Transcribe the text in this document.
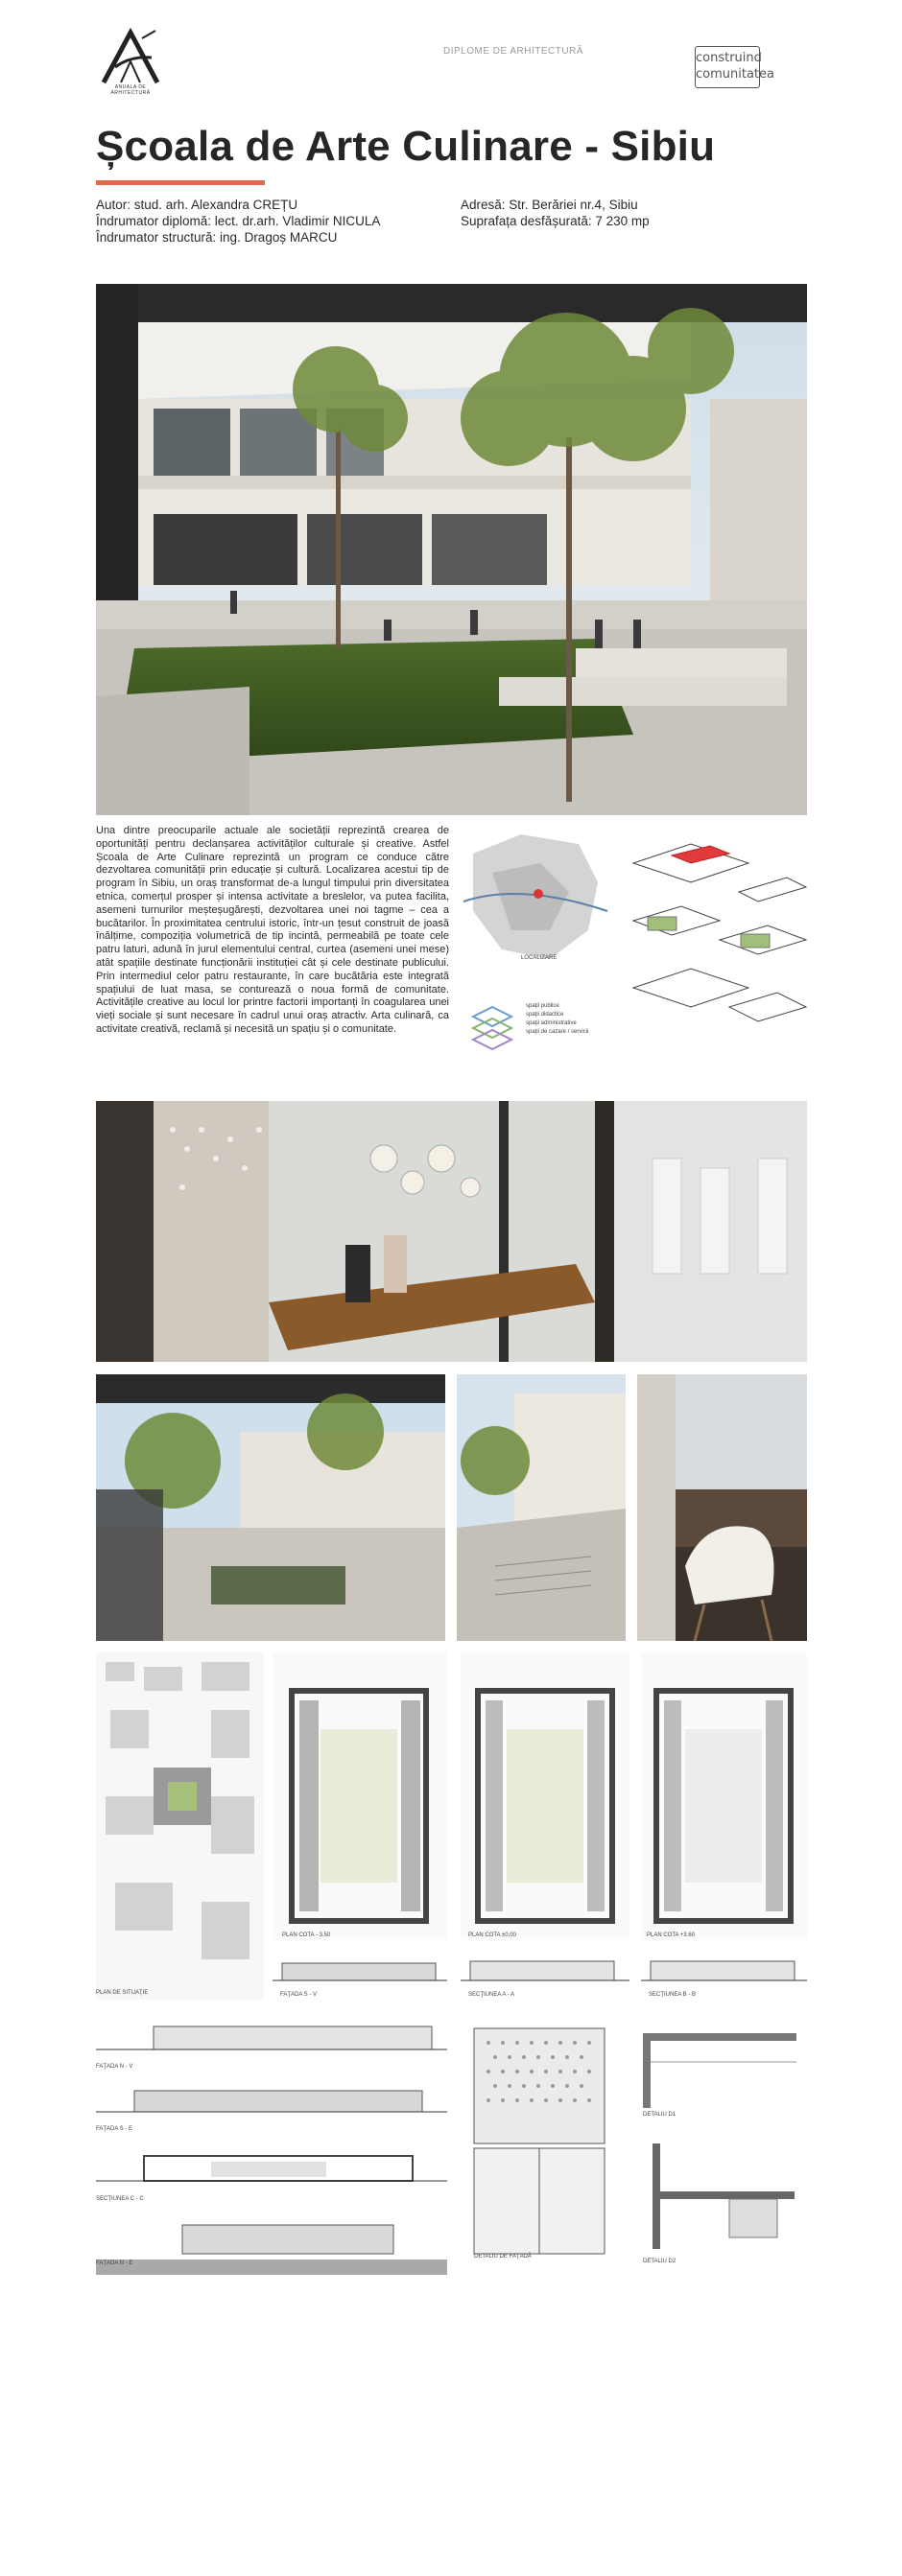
ANUALA DE ARHITECTURĂ
DIPLOME DE ARHITECTURĂ	construind
comunitatea
Școala de Arte Culinare - Sibiu
Autor: stud. arh. Alexandra CREȚU
Îndrumator diplomă: lect. dr.arh. Vladimir NICULA
Îndrumator structură: ing. Dragoș MARCU
Adresă: Str. Berăriei nr.4, Sibiu
Suprafața desfășurată: 7 230 mp
Una dintre preocuparile actuale ale societății reprezintă crearea de oportunități pentru declanșarea activităților culturale și creative. Astfel Școala de Arte Culinare reprezintă un program ce conduce către dezvoltarea comunității prin educație și cultură. Localizarea acestui tip de program în Sibiu, un oraș transformat de-a lungul timpului prin diversitatea etnica, comerțul prosper și intensa activitate a breslelor, va putea facilita, asemeni turnurilor meșteșugărești, dezvoltarea unei noi tagme – cea a bucătarilor. În proximitatea centrului istoric, într-un țesut construit de joasă înălțime, compoziția volumetrică de tip incintă, permeabilă pe toate cele patru laturi, adună în jurul elementului central, curtea (asemeni unei mese) atât spațiile destinate funcționării instituției cât și cele destinate publicului. Prin intermediul celor patru restaurante, în care bucătăria este integrată spațiului de luat masa, se conturează o noua formă de comunitate. Activitățile creative au locul lor printre factorii importanți în coagularea unei vieți sociale și sunt necesare în cadrul unui oraș atractiv. Arta culinară, ca activitate creativă, reclamă și necesită un spațiu și o comunitate.
LOCALIZARE
spaţii publice
spaţii didactice
spaţii administrative
spaţii de cazare / servicii
PLAN DE SITUAŢIE
PLAN COTA - 3.50	PLAN COTA ±0.00	PLAN COTA +3.60
FAŢADA S - V	SECŢIUNEA A - A	SECŢIUNEA B - B
FAŢADA N - V
FAŢADA S - E
SECŢIUNEA C - C
FAŢADA N - E
DETALIU DE FAŢADĂ
DETALIU D1
DETALIU D2
